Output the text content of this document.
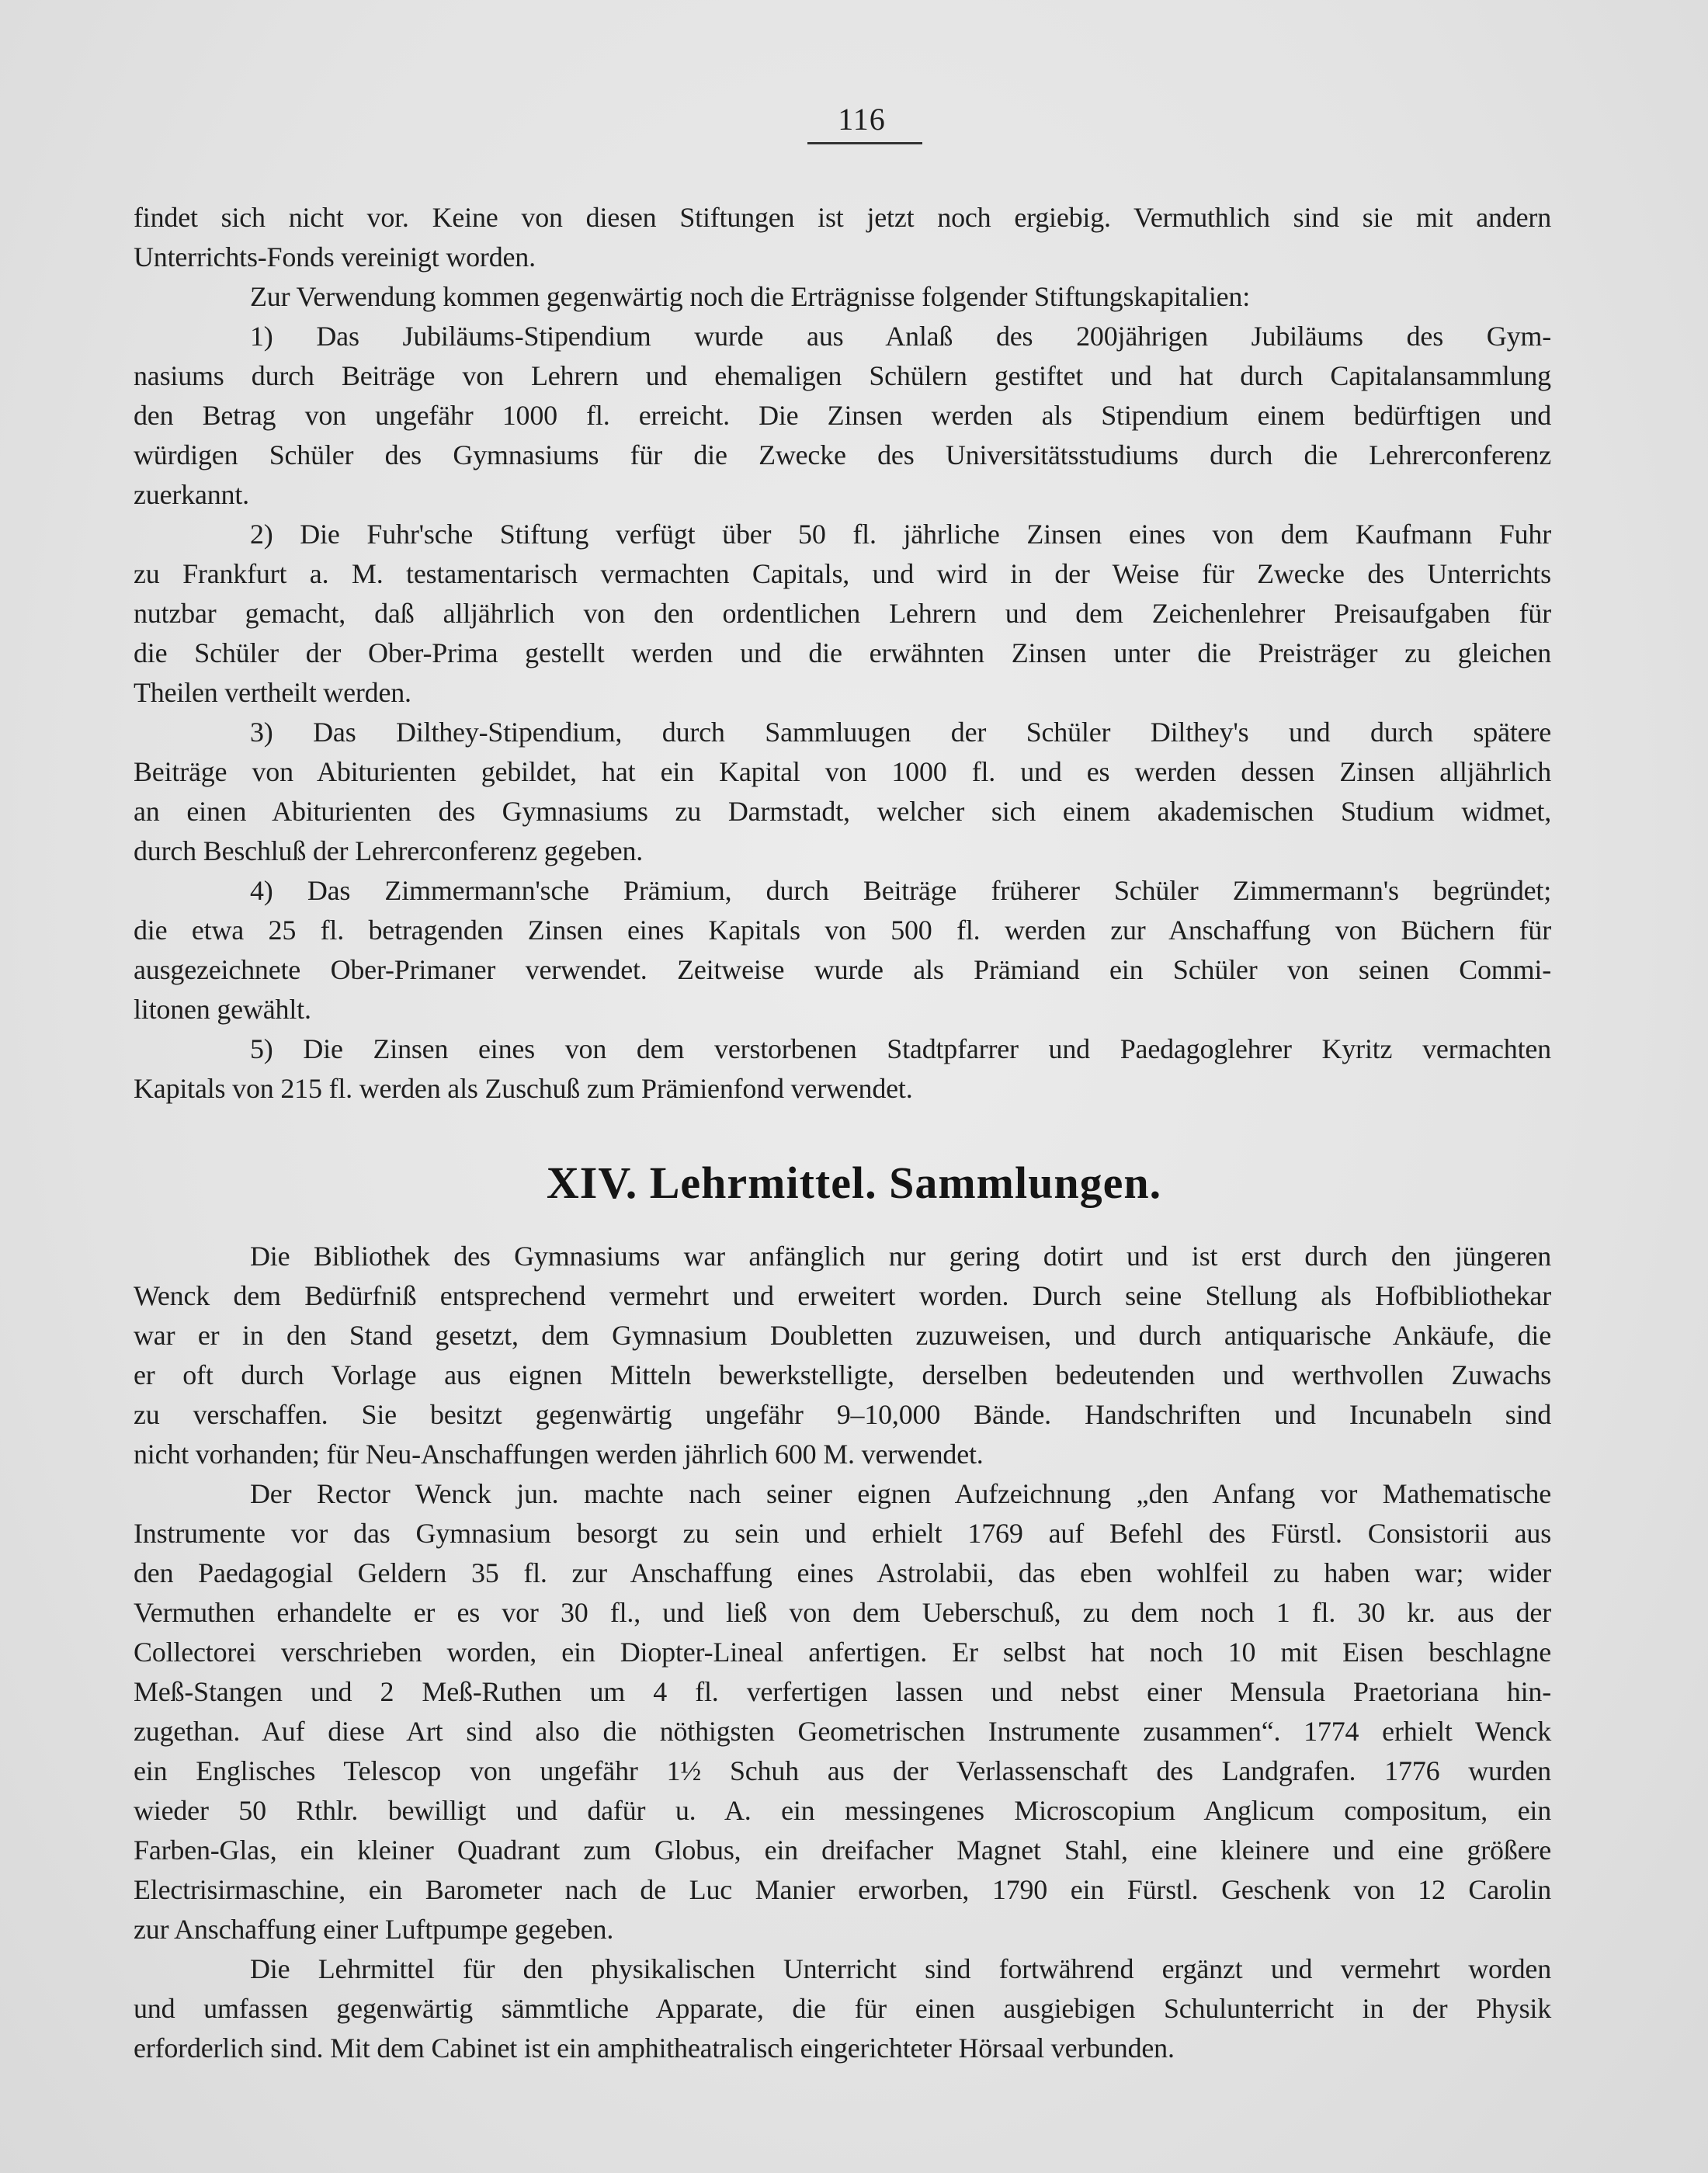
116
findet sich nicht vor. Keine von diesen Stiftungen ist jetzt noch ergiebig. Vermuthlich sind sie mit andern
Unterrichts-Fonds vereinigt worden.
Zur Verwendung kommen gegenwärtig noch die Erträgnisse folgender Stiftungskapitalien:
1) Das Jubiläums-Stipendium wurde aus Anlaß des 200jährigen Jubiläums des Gym-
nasiums durch Beiträge von Lehrern und ehemaligen Schülern gestiftet und hat durch Capitalansammlung
den Betrag von ungefähr 1000 fl. erreicht. Die Zinsen werden als Stipendium einem bedürftigen und
würdigen Schüler des Gymnasiums für die Zwecke des Universitätsstudiums durch die Lehrerconferenz
zuerkannt.
2) Die Fuhr'sche Stiftung verfügt über 50 fl. jährliche Zinsen eines von dem Kaufmann Fuhr
zu Frankfurt a. M. testamentarisch vermachten Capitals, und wird in der Weise für Zwecke des Unterrichts
nutzbar gemacht, daß alljährlich von den ordentlichen Lehrern und dem Zeichenlehrer Preisaufgaben für
die Schüler der Ober-Prima gestellt werden und die erwähnten Zinsen unter die Preisträger zu gleichen
Theilen vertheilt werden.
3) Das Dilthey-Stipendium, durch Sammluugen der Schüler Dilthey's und durch spätere
Beiträge von Abiturienten gebildet, hat ein Kapital von 1000 fl. und es werden dessen Zinsen alljährlich
an einen Abiturienten des Gymnasiums zu Darmstadt, welcher sich einem akademischen Studium widmet,
durch Beschluß der Lehrerconferenz gegeben.
4) Das Zimmermann'sche Prämium, durch Beiträge früherer Schüler Zimmermann's begründet;
die etwa 25 fl. betragenden Zinsen eines Kapitals von 500 fl. werden zur Anschaffung von Büchern für
ausgezeichnete Ober-Primaner verwendet. Zeitweise wurde als Prämiand ein Schüler von seinen Commi-
litonen gewählt.
5) Die Zinsen eines von dem verstorbenen Stadtpfarrer und Paedagoglehrer Kyritz vermachten
Kapitals von 215 fl. werden als Zuschuß zum Prämienfond verwendet.
XIV. Lehrmittel. Sammlungen.
Die Bibliothek des Gymnasiums war anfänglich nur gering dotirt und ist erst durch den jüngeren
Wenck dem Bedürfniß entsprechend vermehrt und erweitert worden. Durch seine Stellung als Hofbibliothekar
war er in den Stand gesetzt, dem Gymnasium Doubletten zuzuweisen, und durch antiquarische Ankäufe, die
er oft durch Vorlage aus eignen Mitteln bewerkstelligte, derselben bedeutenden und werthvollen Zuwachs
zu verschaffen. Sie besitzt gegenwärtig ungefähr 9–10,000 Bände. Handschriften und Incunabeln sind
nicht vorhanden; für Neu-Anschaffungen werden jährlich 600 M. verwendet.
Der Rector Wenck jun. machte nach seiner eignen Aufzeichnung „den Anfang vor Mathematische
Instrumente vor das Gymnasium besorgt zu sein und erhielt 1769 auf Befehl des Fürstl. Consistorii aus
den Paedagogial Geldern 35 fl. zur Anschaffung eines Astrolabii, das eben wohlfeil zu haben war; wider
Vermuthen erhandelte er es vor 30 fl., und ließ von dem Ueberschuß, zu dem noch 1 fl. 30 kr. aus der
Collectorei verschrieben worden, ein Diopter-Lineal anfertigen. Er selbst hat noch 10 mit Eisen beschlagne
Meß-Stangen und 2 Meß-Ruthen um 4 fl. verfertigen lassen und nebst einer Mensula Praetoriana hin-
zugethan. Auf diese Art sind also die nöthigsten Geometrischen Instrumente zusammen“. 1774 erhielt Wenck
ein Englisches Telescop von ungefähr 1½ Schuh aus der Verlassenschaft des Landgrafen. 1776 wurden
wieder 50 Rthlr. bewilligt und dafür u. A. ein messingenes Microscopium Anglicum compositum, ein
Farben-Glas, ein kleiner Quadrant zum Globus, ein dreifacher Magnet Stahl, eine kleinere und eine größere
Electrisirmaschine, ein Barometer nach de Luc Manier erworben, 1790 ein Fürstl. Geschenk von 12 Carolin
zur Anschaffung einer Luftpumpe gegeben.
Die Lehrmittel für den physikalischen Unterricht sind fortwährend ergänzt und vermehrt worden
und umfassen gegenwärtig sämmtliche Apparate, die für einen ausgiebigen Schulunterricht in der Physik
erforderlich sind. Mit dem Cabinet ist ein amphitheatralisch eingerichteter Hörsaal verbunden.
